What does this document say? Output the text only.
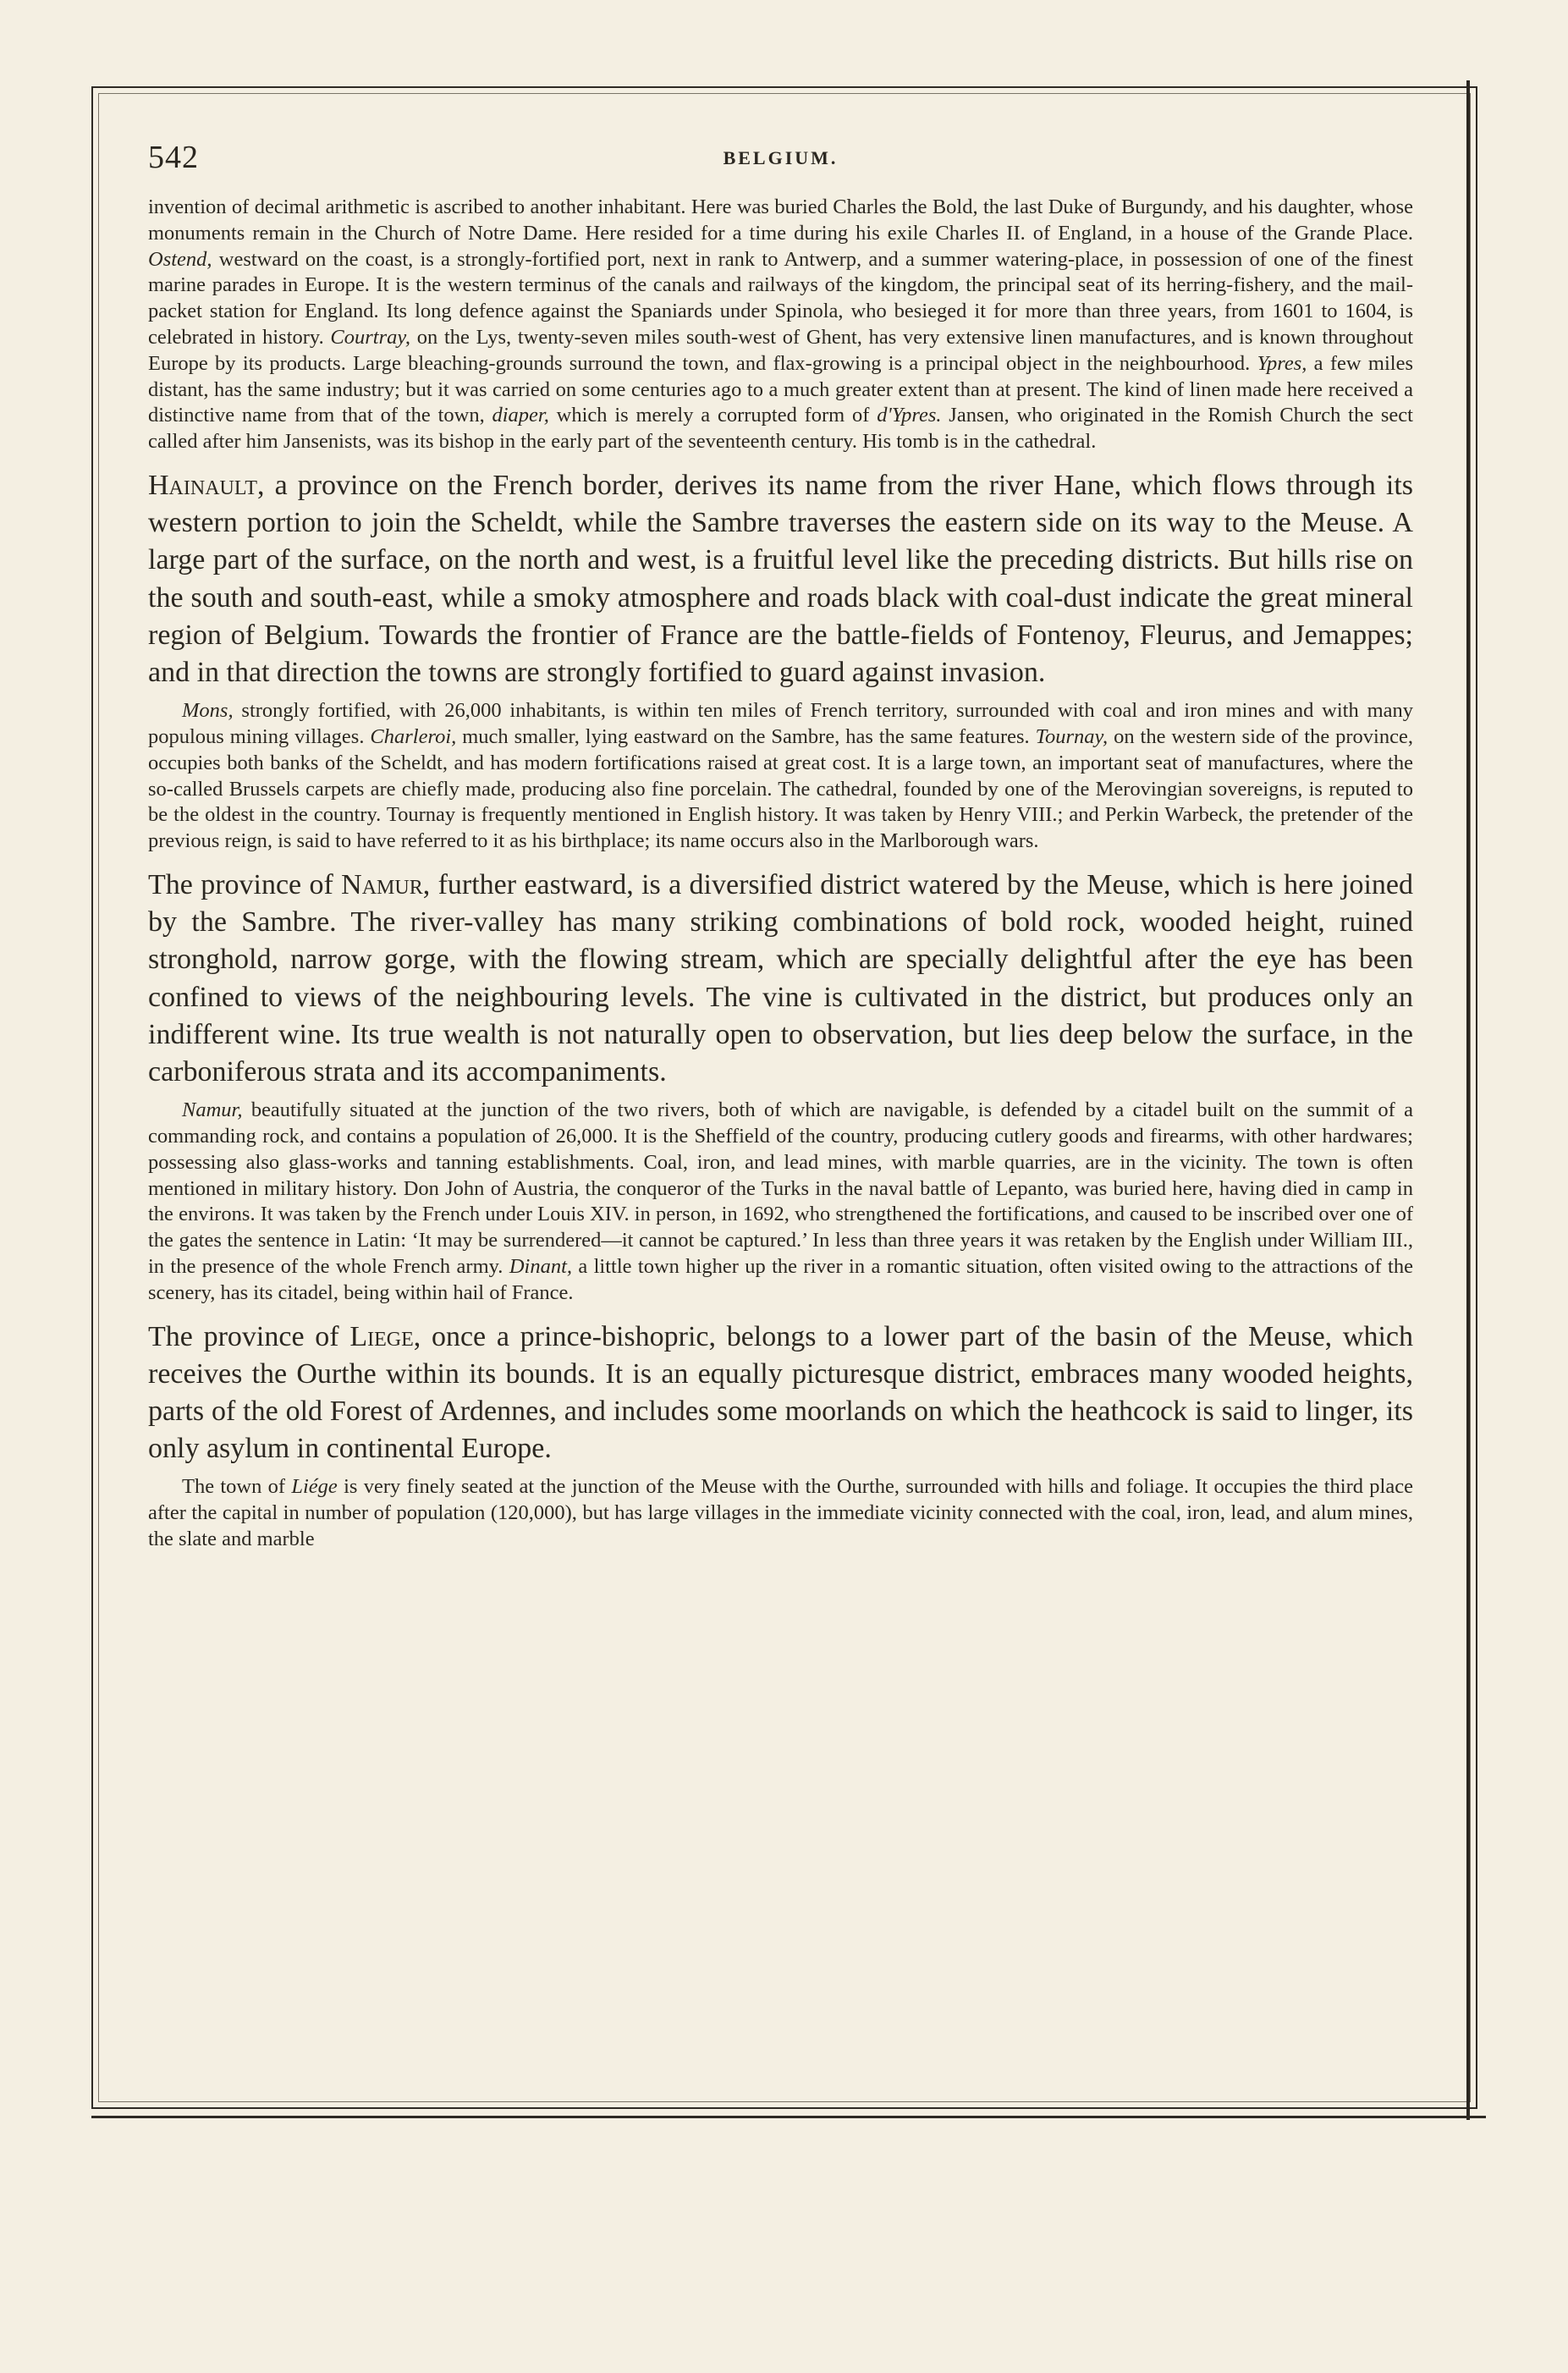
542	BELGIUM.

invention of decimal arithmetic is ascribed to another inhabitant. Here was buried Charles the Bold, the last Duke of Burgundy, and his daughter, whose monuments remain in the Church of Notre Dame. Here resided for a time during his exile Charles II. of England, in a house of the Grande Place. Ostend, westward on the coast, is a strongly-fortified port, next in rank to Antwerp, and a summer watering-place, in possession of one of the finest marine parades in Europe. It is the western terminus of the canals and railways of the kingdom, the principal seat of its herring-fishery, and the mail-packet station for England. Its long defence against the Spaniards under Spinola, who besieged it for more than three years, from 1601 to 1604, is celebrated in history. Courtray, on the Lys, twenty-seven miles south-west of Ghent, has very extensive linen manufactures, and is known throughout Europe by its products. Large bleaching-grounds surround the town, and flax-growing is a principal object in the neighbourhood. Ypres, a few miles distant, has the same industry; but it was carried on some centuries ago to a much greater extent than at present. The kind of linen made here received a distinctive name from that of the town, diaper, which is merely a corrupted form of d'Ypres. Jansen, who originated in the Romish Church the sect called after him Jansenists, was its bishop in the early part of the seventeenth century. His tomb is in the cathedral.

Hainault, a province on the French border, derives its name from the river Hane, which flows through its western portion to join the Scheldt, while the Sambre traverses the eastern side on its way to the Meuse. A large part of the surface, on the north and west, is a fruitful level like the preceding districts. But hills rise on the south and south-east, while a smoky atmosphere and roads black with coal-dust indicate the great mineral region of Belgium. Towards the frontier of France are the battle-fields of Fontenoy, Fleurus, and Jemappes; and in that direction the towns are strongly fortified to guard against invasion.

Mons, strongly fortified, with 26,000 inhabitants, is within ten miles of French territory, surrounded with coal and iron mines and with many populous mining villages. Charleroi, much smaller, lying eastward on the Sambre, has the same features. Tournay, on the western side of the province, occupies both banks of the Scheldt, and has modern fortifications raised at great cost. It is a large town, an important seat of manufactures, where the so-called Brussels carpets are chiefly made, producing also fine porcelain. The cathedral, founded by one of the Merovingian sovereigns, is reputed to be the oldest in the country. Tournay is frequently mentioned in English history. It was taken by Henry VIII.; and Perkin Warbeck, the pretender of the previous reign, is said to have referred to it as his birthplace; its name occurs also in the Marlborough wars.

The province of Namur, further eastward, is a diversified district watered by the Meuse, which is here joined by the Sambre. The river-valley has many striking combinations of bold rock, wooded height, ruined stronghold, narrow gorge, with the flowing stream, which are specially delightful after the eye has been confined to views of the neighbouring levels. The vine is cultivated in the district, but produces only an indifferent wine. Its true wealth is not naturally open to observation, but lies deep below the surface, in the carboniferous strata and its accompaniments.

Namur, beautifully situated at the junction of the two rivers, both of which are navigable, is defended by a citadel built on the summit of a commanding rock, and contains a population of 26,000. It is the Sheffield of the country, producing cutlery goods and firearms, with other hardwares; possessing also glass-works and tanning establishments. Coal, iron, and lead mines, with marble quarries, are in the vicinity. The town is often mentioned in military history. Don John of Austria, the conqueror of the Turks in the naval battle of Lepanto, was buried here, having died in camp in the environs. It was taken by the French under Louis XIV. in person, in 1692, who strengthened the fortifications, and caused to be inscribed over one of the gates the sentence in Latin: ‘It may be surrendered—it cannot be captured.’ In less than three years it was retaken by the English under William III., in the presence of the whole French army. Dinant, a little town higher up the river in a romantic situation, often visited owing to the attractions of the scenery, has its citadel, being within hail of France.

The province of Liege, once a prince-bishopric, belongs to a lower part of the basin of the Meuse, which receives the Ourthe within its bounds. It is an equally picturesque district, embraces many wooded heights, parts of the old Forest of Ardennes, and includes some moorlands on which the heathcock is said to linger, its only asylum in continental Europe.

The town of Liége is very finely seated at the junction of the Meuse with the Ourthe, surrounded with hills and foliage. It occupies the third place after the capital in number of population (120,000), but has large villages in the immediate vicinity connected with the coal, iron, lead, and alum mines, the slate and marble
